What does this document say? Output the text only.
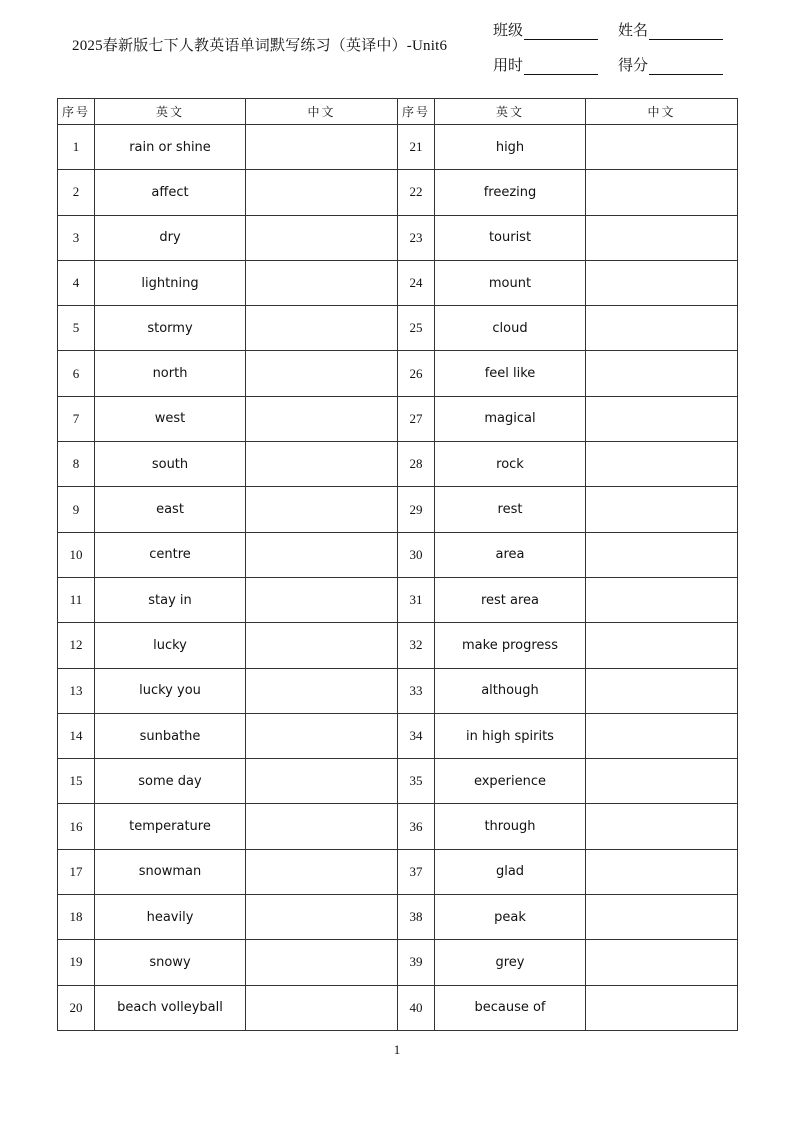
2025春新版七下人教英语单词默写练习（英译中）-Unit6
班级	姓名
用时	得分
序号	英文	中文	序号	英文	中文
1	rain or shine		21	high	
2	affect		22	freezing	
3	dry		23	tourist	
4	lightning		24	mount	
5	stormy		25	cloud	
6	north		26	feel like	
7	west		27	magical	
8	south		28	rock	
9	east		29	rest	
10	centre		30	area	
11	stay in		31	rest area	
12	lucky		32	make progress	
13	lucky you		33	although	
14	sunbathe		34	in high spirits	
15	some day		35	experience	
16	temperature		36	through	
17	snowman		37	glad	
18	heavily		38	peak	
19	snowy		39	grey	
20	beach volleyball		40	because of	
1
